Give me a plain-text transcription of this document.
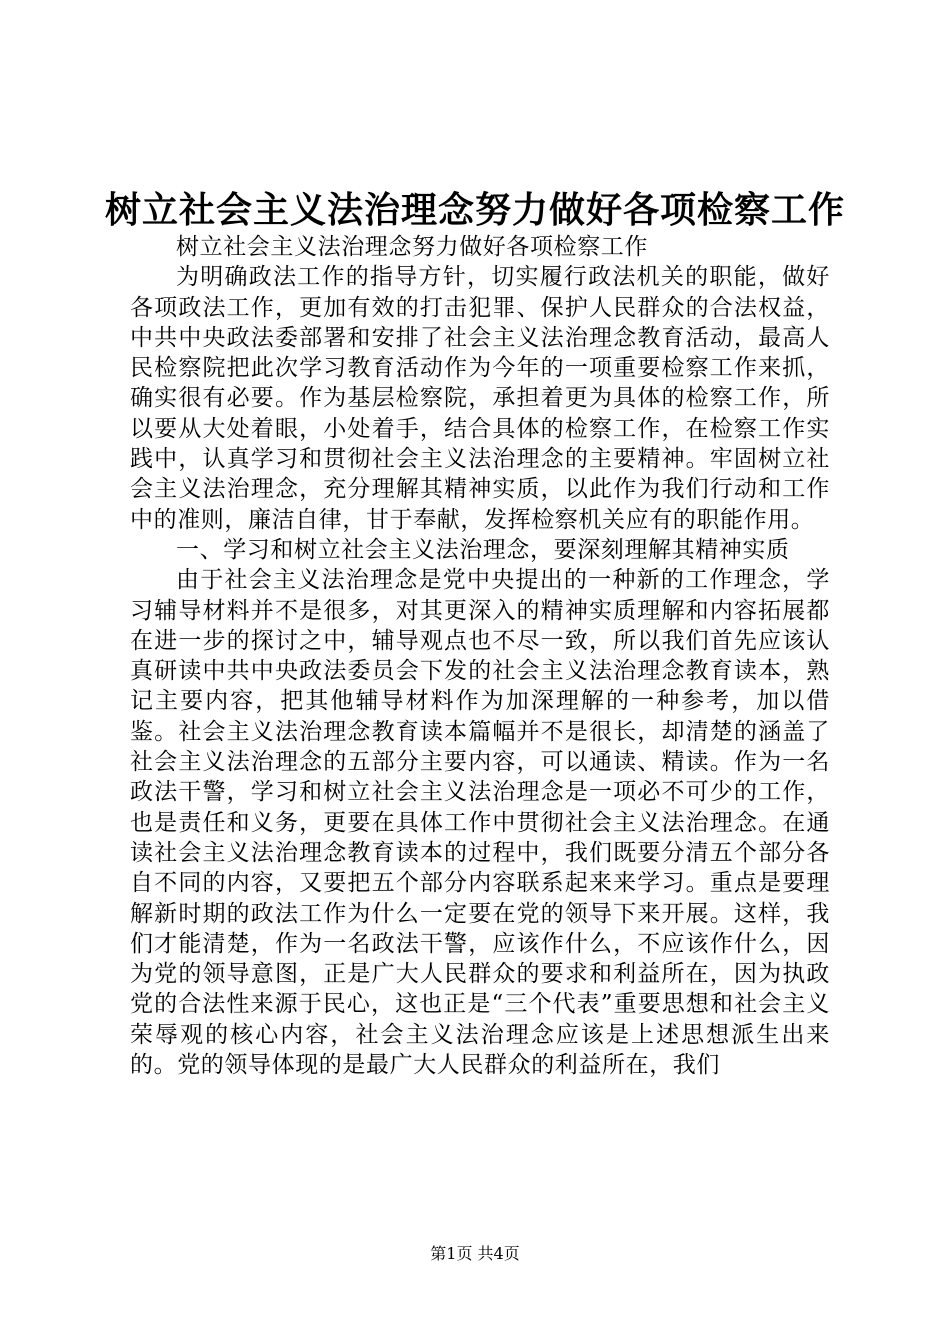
树立社会主义法治理念努力做好各项检察工作

树立社会主义法治理念努力做好各项检察工作

为明确政法工作的指导方针，切实履行政法机关的职能，做好各项政法工作，更加有效的打击犯罪、保护人民群众的合法权益，中共中央政法委部署和安排了社会主义法治理念教育活动，最高人民检察院把此次学习教育活动作为今年的一项重要检察工作来抓，确实很有必要。作为基层检察院，承担着更为具体的检察工作，所以要从大处着眼，小处着手，结合具体的检察工作，在检察工作实践中，认真学习和贯彻社会主义法治理念的主要精神。牢固树立社会主义法治理念，充分理解其精神实质，以此作为我们行动和工作中的准则，廉洁自律，甘于奉献，发挥检察机关应有的职能作用。

一、学习和树立社会主义法治理念，要深刻理解其精神实质

由于社会主义法治理念是党中央提出的一种新的工作理念，学习辅导材料并不是很多，对其更深入的精神实质理解和内容拓展都在进一步的探讨之中，辅导观点也不尽一致，所以我们首先应该认真研读中共中央政法委员会下发的社会主义法治理念教育读本，熟记主要内容，把其他辅导材料作为加深理解的一种参考，加以借鉴。社会主义法治理念教育读本篇幅并不是很长，却清楚的涵盖了社会主义法治理念的五部分主要内容，可以通读、精读。作为一名政法干警，学习和树立社会主义法治理念是一项必不可少的工作，也是责任和义务，更要在具体工作中贯彻社会主义法治理念。在通读社会主义法治理念教育读本的过程中，我们既要分清五个部分各自不同的内容，又要把五个部分内容联系起来来学习。重点是要理解新时期的政法工作为什么一定要在党的领导下来开展。这样，我们才能清楚，作为一名政法干警，应该作什么，不应该作什么，因为党的领导意图，正是广大人民群众的要求和利益所在，因为执政党的合法性来源于民心，这也正是“三个代表”重要思想和社会主义荣辱观的核心内容，社会主义法治理念应该是上述思想派生出来的。党的领导体现的是最广大人民群众的利益所在，我们

第1页 共4页
